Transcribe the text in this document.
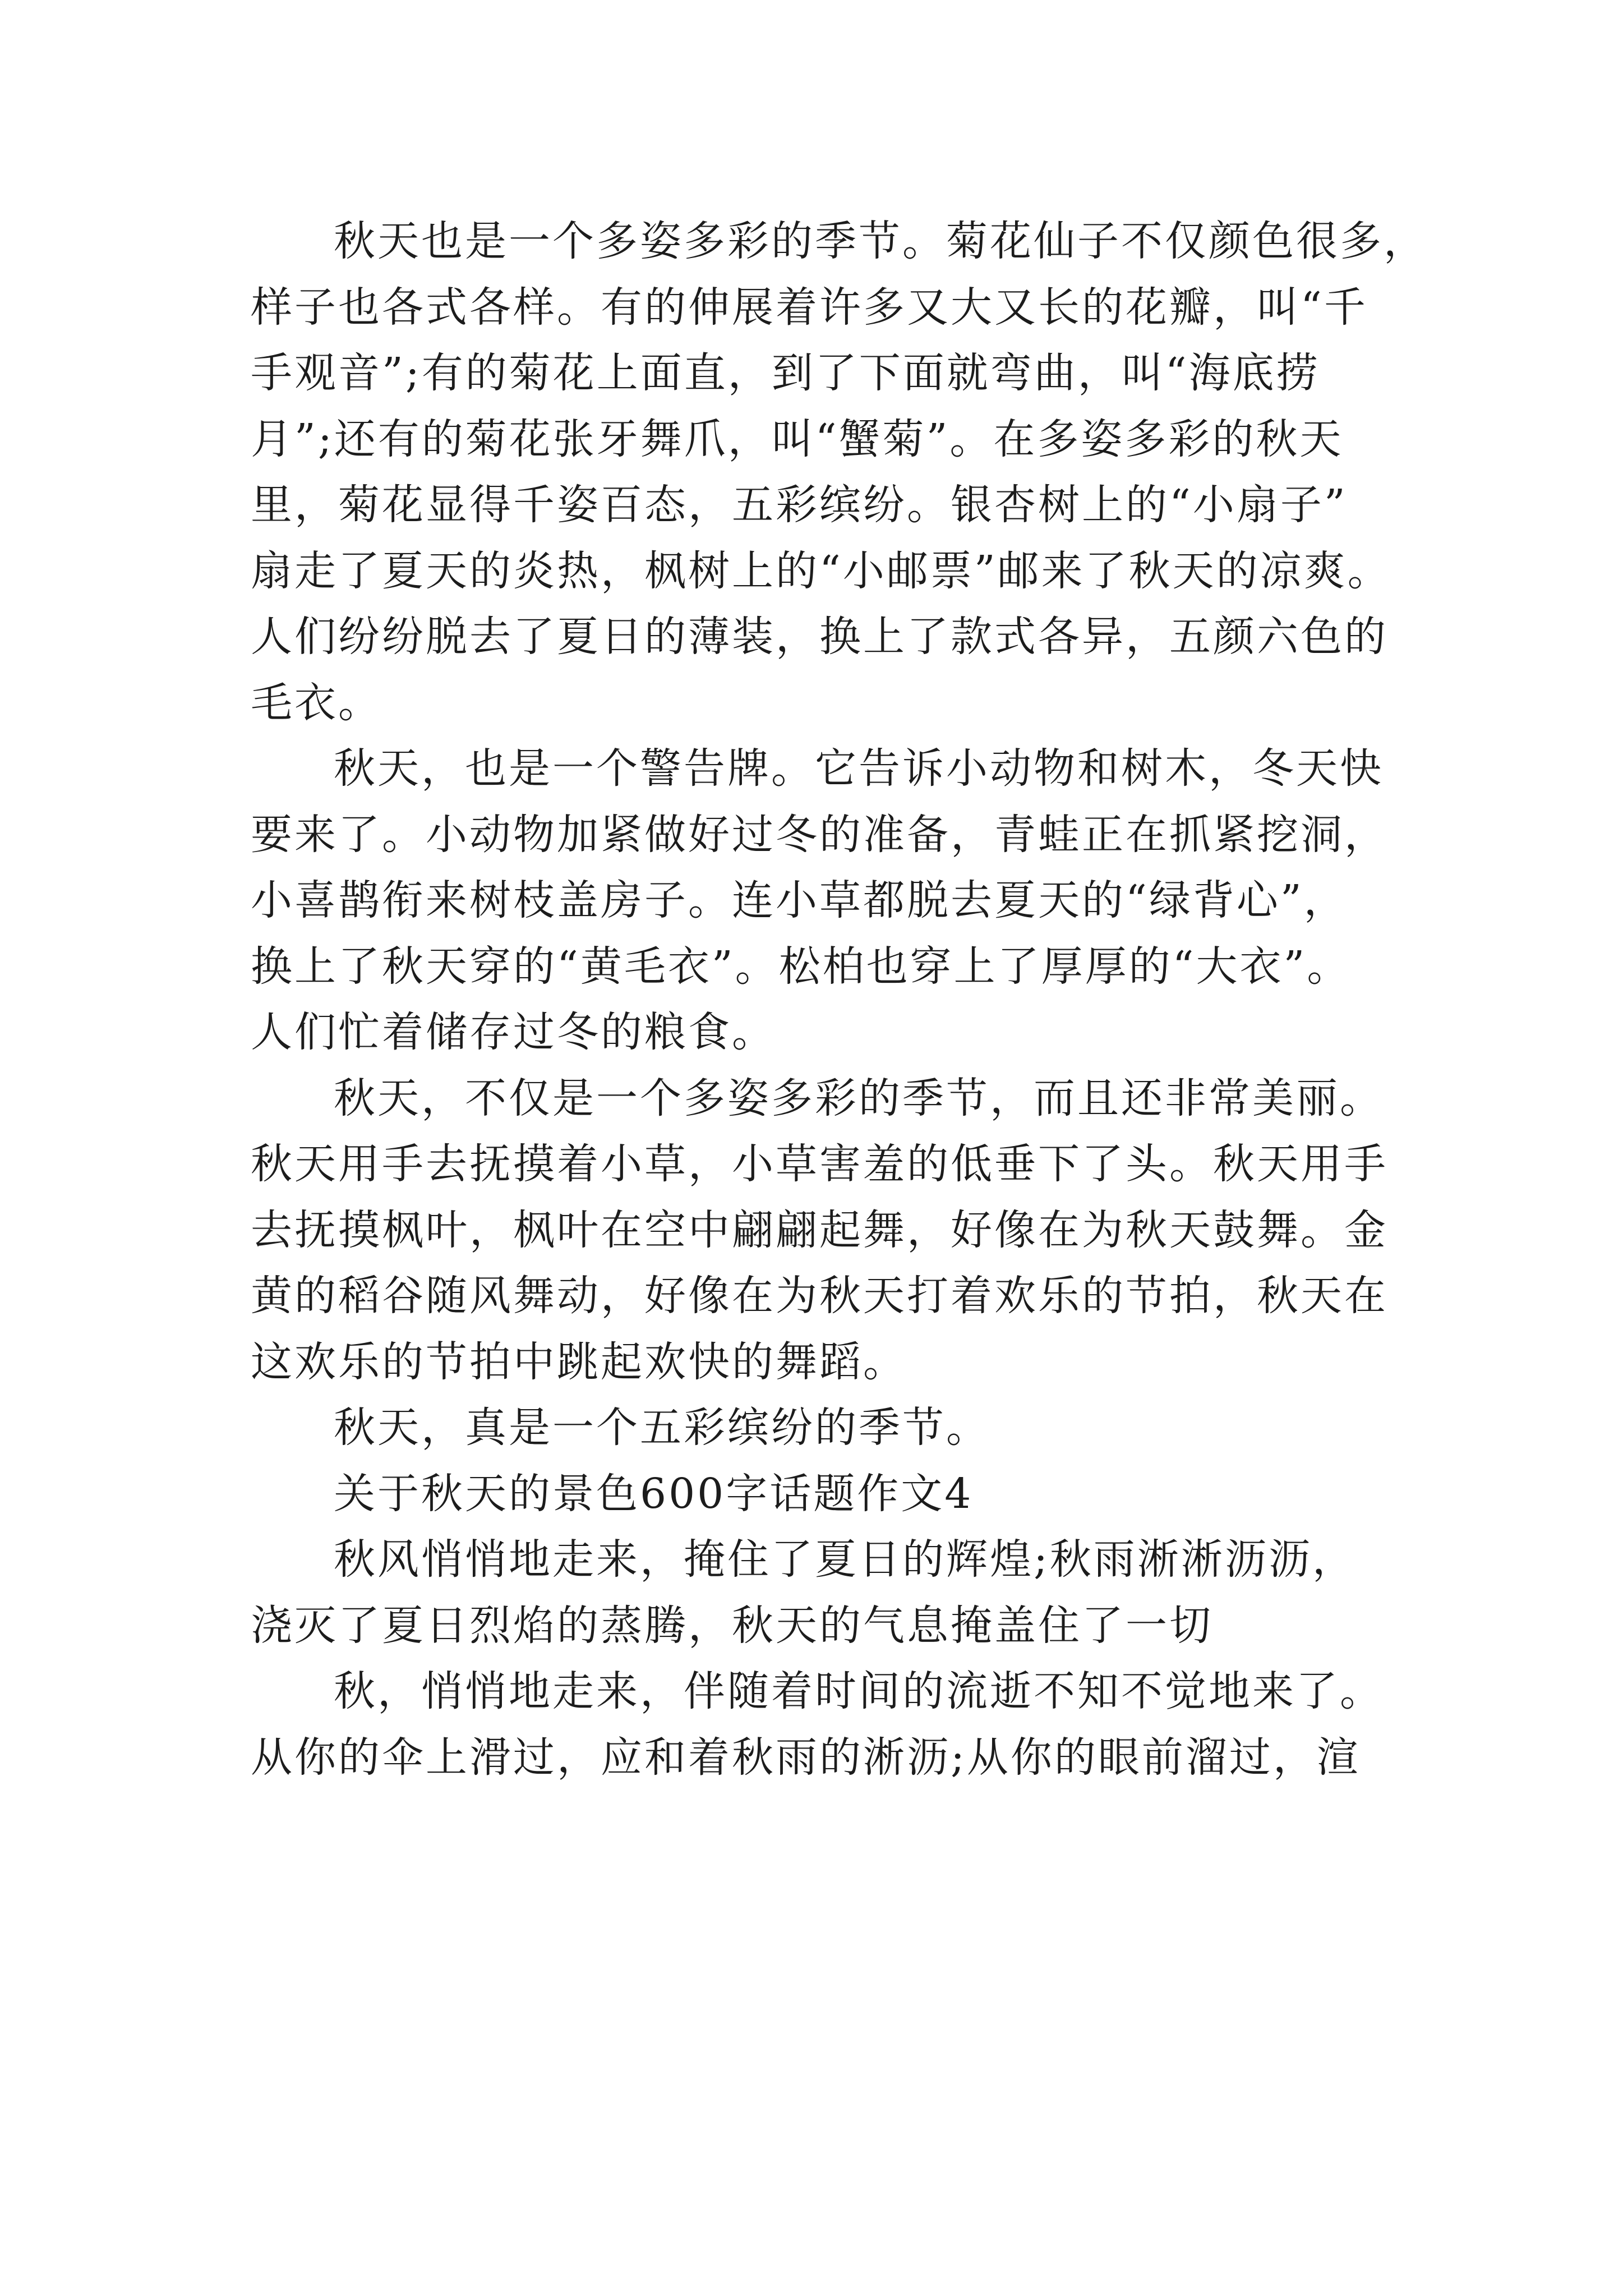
秋天也是一个多姿多彩的季节。菊花仙子不仅颜色很多，
样子也各式各样。有的伸展着许多又大又长的花瓣，叫“千
手观音”;有的菊花上面直，到了下面就弯曲，叫“海底捞
月”;还有的菊花张牙舞爪，叫“蟹菊”。在多姿多彩的秋天
里，菊花显得千姿百态，五彩缤纷。银杏树上的“小扇子”
扇走了夏天的炎热，枫树上的“小邮票”邮来了秋天的凉爽。
人们纷纷脱去了夏日的薄装，换上了款式各异，五颜六色的
毛衣。
秋天，也是一个警告牌。它告诉小动物和树木，冬天快
要来了。小动物加紧做好过冬的准备，青蛙正在抓紧挖洞，
小喜鹊衔来树枝盖房子。连小草都脱去夏天的“绿背心”，
换上了秋天穿的“黄毛衣”。松柏也穿上了厚厚的“大衣”。
人们忙着储存过冬的粮食。
秋天，不仅是一个多姿多彩的季节，而且还非常美丽。
秋天用手去抚摸着小草，小草害羞的低垂下了头。秋天用手
去抚摸枫叶，枫叶在空中翩翩起舞，好像在为秋天鼓舞。金
黄的稻谷随风舞动，好像在为秋天打着欢乐的节拍，秋天在
这欢乐的节拍中跳起欢快的舞蹈。
秋天，真是一个五彩缤纷的季节。
关于秋天的景色600字话题作文4
秋风悄悄地走来，掩住了夏日的辉煌;秋雨淅淅沥沥，
浇灭了夏日烈焰的蒸腾，秋天的气息掩盖住了一切
秋，悄悄地走来，伴随着时间的流逝不知不觉地来了。
从你的伞上滑过，应和着秋雨的淅沥;从你的眼前溜过，渲
